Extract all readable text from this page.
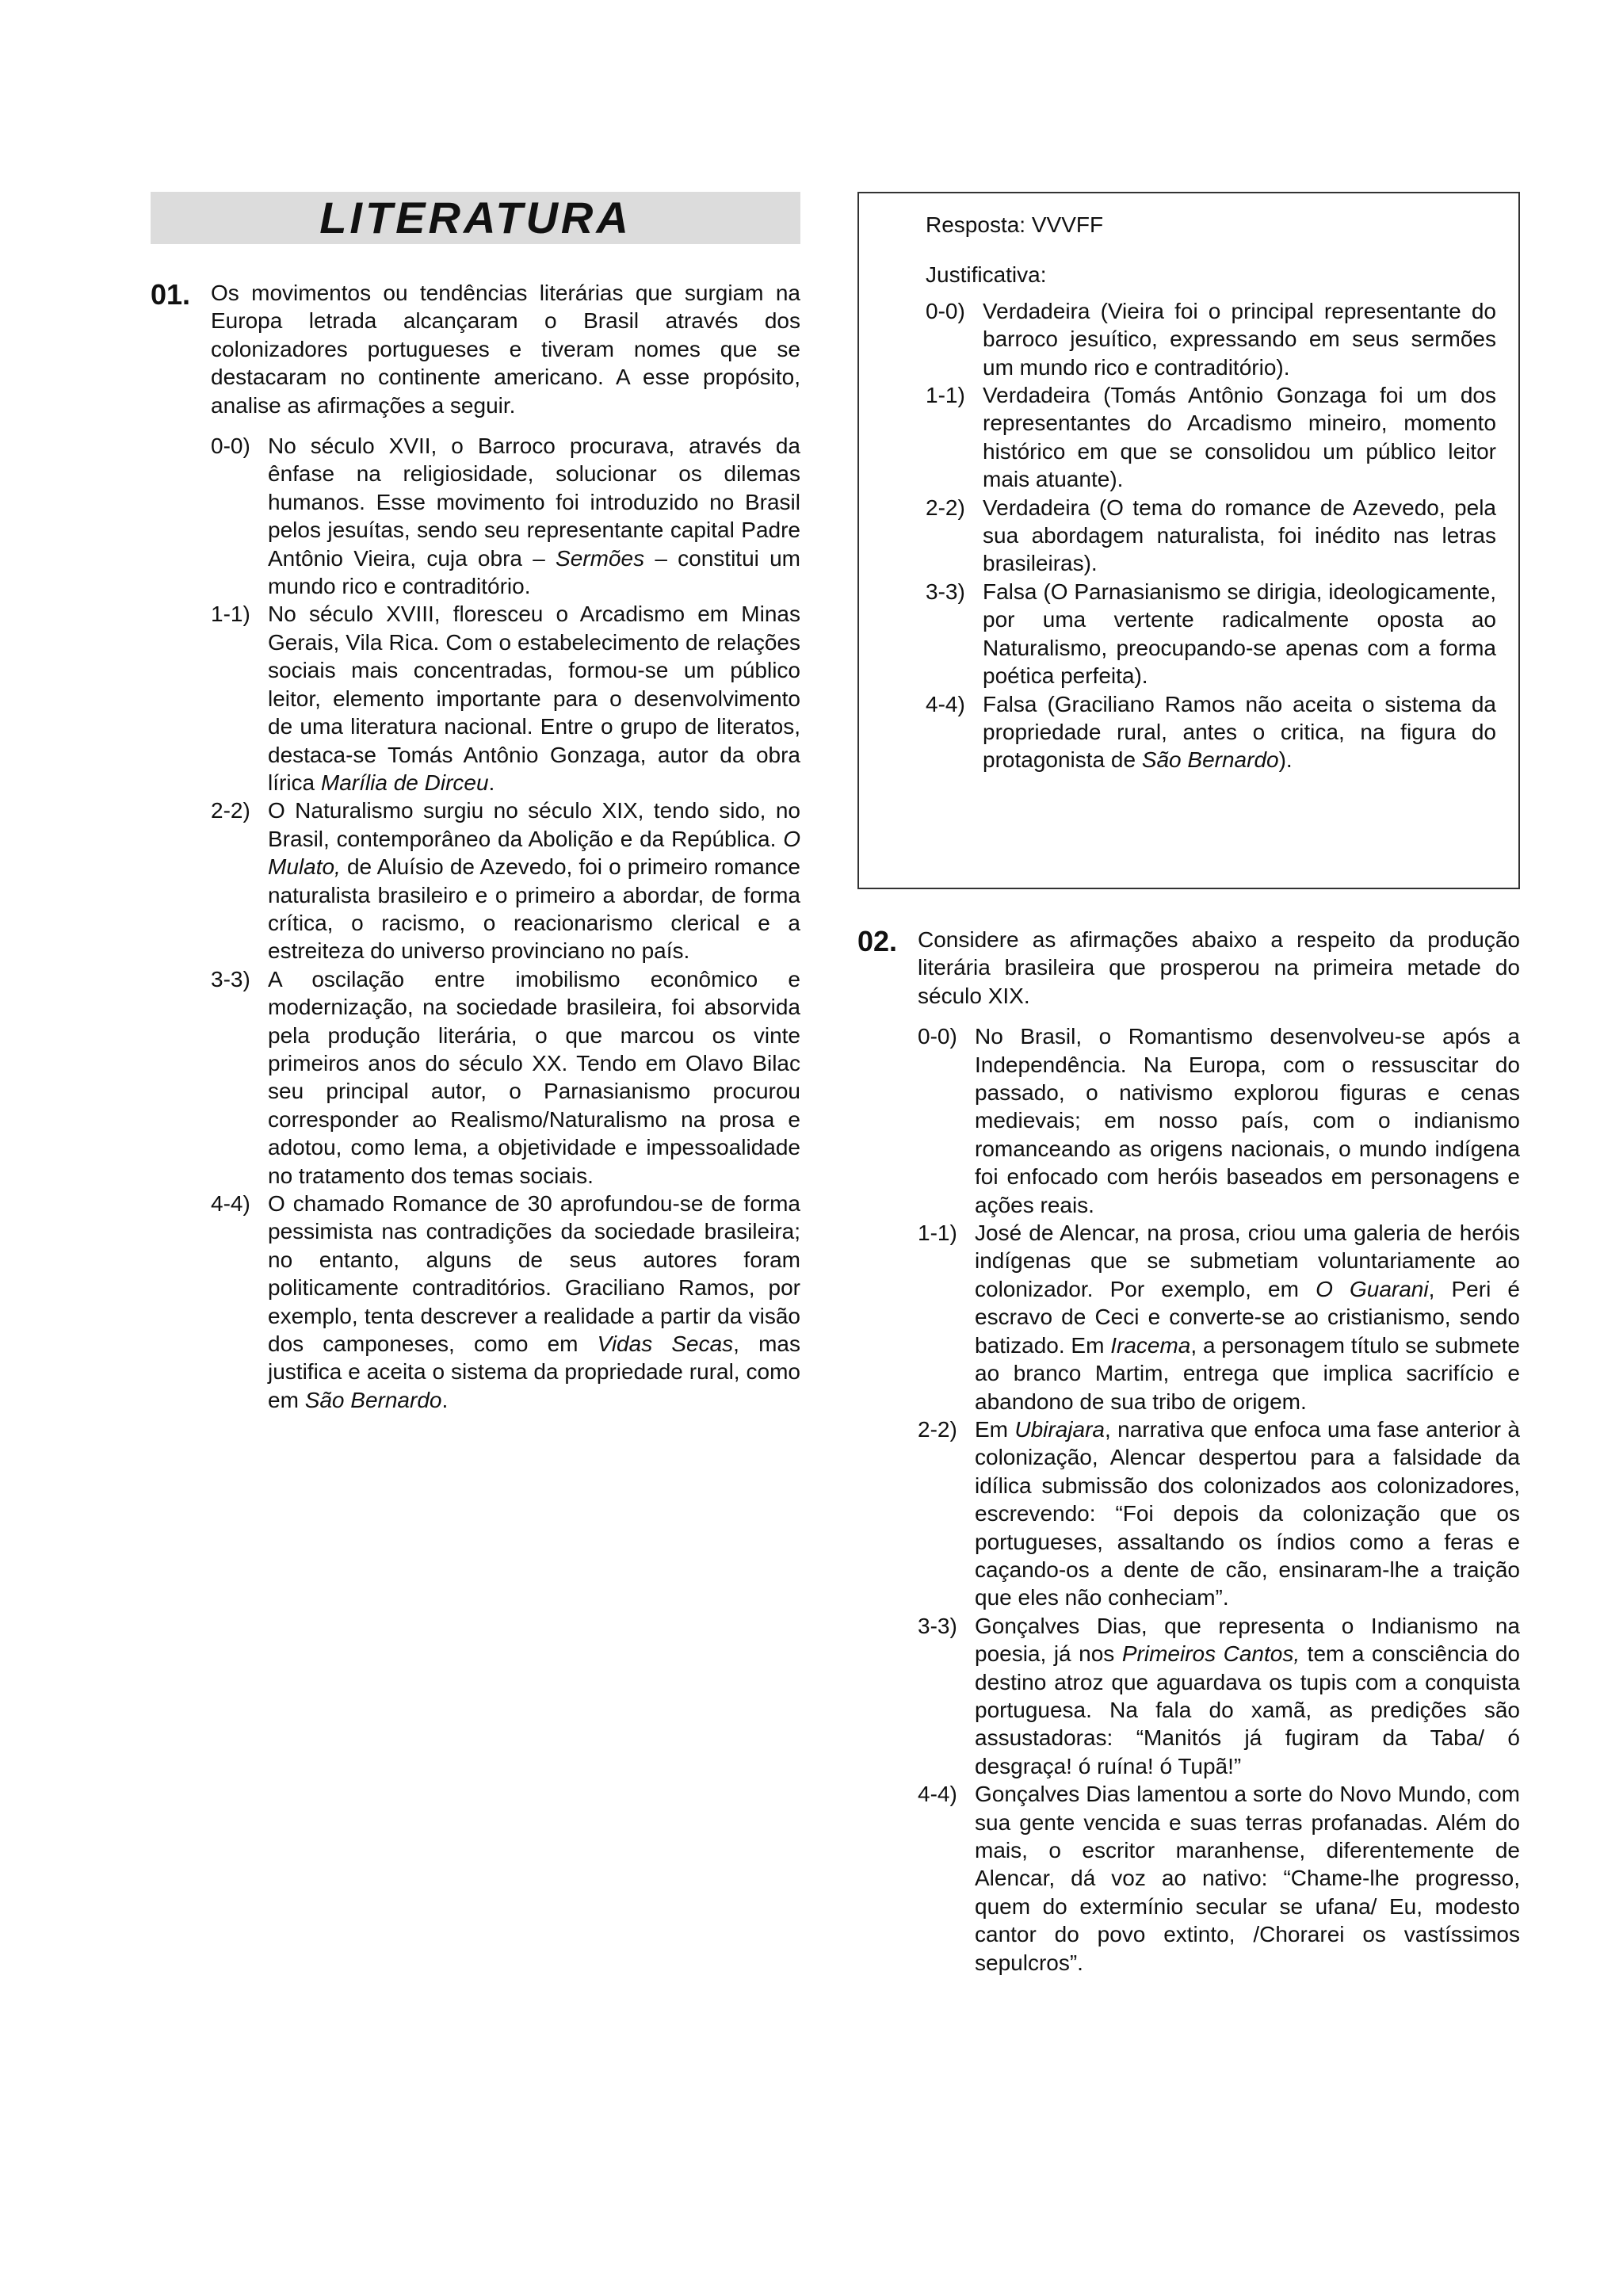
LITERATURA
01. Os movimentos ou tendências literárias que surgiam na Europa letrada alcançaram o Brasil através dos colonizadores portugueses e tiveram nomes que se destacaram no continente americano. A esse propósito, analise as afirmações a seguir.
0-0) No século XVII, o Barroco procurava, através da ênfase na religiosidade, solucionar os dilemas humanos. Esse movimento foi introduzido no Brasil pelos jesuítas, sendo seu representante capital Padre Antônio Vieira, cuja obra – Sermões – constitui um mundo rico e contraditório.
1-1) No século XVIII, floresceu o Arcadismo em Minas Gerais, Vila Rica. Com o estabelecimento de relações sociais mais concentradas, formou-se um público leitor, elemento importante para o desenvolvimento de uma literatura nacional. Entre o grupo de literatos, destaca-se Tomás Antônio Gonzaga, autor da obra lírica Marília de Dirceu.
2-2) O Naturalismo surgiu no século XIX, tendo sido, no Brasil, contemporâneo da Abolição e da República. O Mulato, de Aluísio de Azevedo, foi o primeiro romance naturalista brasileiro e o primeiro a abordar, de forma crítica, o racismo, o reacionarismo clerical e a estreiteza do universo provinciano no país.
3-3) A oscilação entre imobilismo econômico e modernização, na sociedade brasileira, foi absorvida pela produção literária, o que marcou os vinte primeiros anos do século XX. Tendo em Olavo Bilac seu principal autor, o Parnasianismo procurou corresponder ao Realismo/Naturalismo na prosa e adotou, como lema, a objetividade e impessoalidade no tratamento dos temas sociais.
4-4) O chamado Romance de 30 aprofundou-se de forma pessimista nas contradições da sociedade brasileira; no entanto, alguns de seus autores foram politicamente contraditórios. Graciliano Ramos, por exemplo, tenta descrever a realidade a partir da visão dos camponeses, como em Vidas Secas, mas justifica e aceita o sistema da propriedade rural, como em São Bernardo.
Resposta: VVVFF
Justificativa:
0-0) Verdadeira (Vieira foi o principal representante do barroco jesuítico, expressando em seus sermões um mundo rico e contraditório).
1-1) Verdadeira (Tomás Antônio Gonzaga foi um dos representantes do Arcadismo mineiro, momento histórico em que se consolidou um público leitor mais atuante).
2-2) Verdadeira (O tema do romance de Azevedo, pela sua abordagem naturalista, foi inédito nas letras brasileiras).
3-3) Falsa (O Parnasianismo se dirigia, ideologicamente, por uma vertente radicalmente oposta ao Naturalismo, preocupando-se apenas com a forma poética perfeita).
4-4) Falsa (Graciliano Ramos não aceita o sistema da propriedade rural, antes o critica, na figura do protagonista de São Bernardo).
02. Considere as afirmações abaixo a respeito da produção literária brasileira que prosperou na primeira metade do século XIX.
0-0) No Brasil, o Romantismo desenvolveu-se após a Independência. Na Europa, com o ressuscitar do passado, o nativismo explorou figuras e cenas medievais; em nosso país, com o indianismo romanceando as origens nacionais, o mundo indígena foi enfocado com heróis baseados em personagens e ações reais.
1-1) José de Alencar, na prosa, criou uma galeria de heróis indígenas que se submetiam voluntariamente ao colonizador. Por exemplo, em O Guarani, Peri é escravo de Ceci e converte-se ao cristianismo, sendo batizado. Em Iracema, a personagem título se submete ao branco Martim, entrega que implica sacrifício e abandono de sua tribo de origem.
2-2) Em Ubirajara, narrativa que enfoca uma fase anterior à colonização, Alencar despertou para a falsidade da idílica submissão dos colonizados aos colonizadores, escrevendo: “Foi depois da colonização que os portugueses, assaltando os índios como a feras e caçando-os a dente de cão, ensinaram-lhe a traição que eles não conheciam”.
3-3) Gonçalves Dias, que representa o Indianismo na poesia, já nos Primeiros Cantos, tem a consciência do destino atroz que aguardava os tupis com a conquista portuguesa. Na fala do xamã, as predições são assustadoras: “Manitós já fugiram da Taba/ ó desgraça! ó ruína! ó Tupã!”
4-4) Gonçalves Dias lamentou a sorte do Novo Mundo, com sua gente vencida e suas terras profanadas. Além do mais, o escritor maranhense, diferentemente de Alencar, dá voz ao nativo: “Chame-lhe progresso, quem do extermínio secular se ufana/ Eu, modesto cantor do povo extinto, /Chorarei os vastíssimos sepulcros”.
